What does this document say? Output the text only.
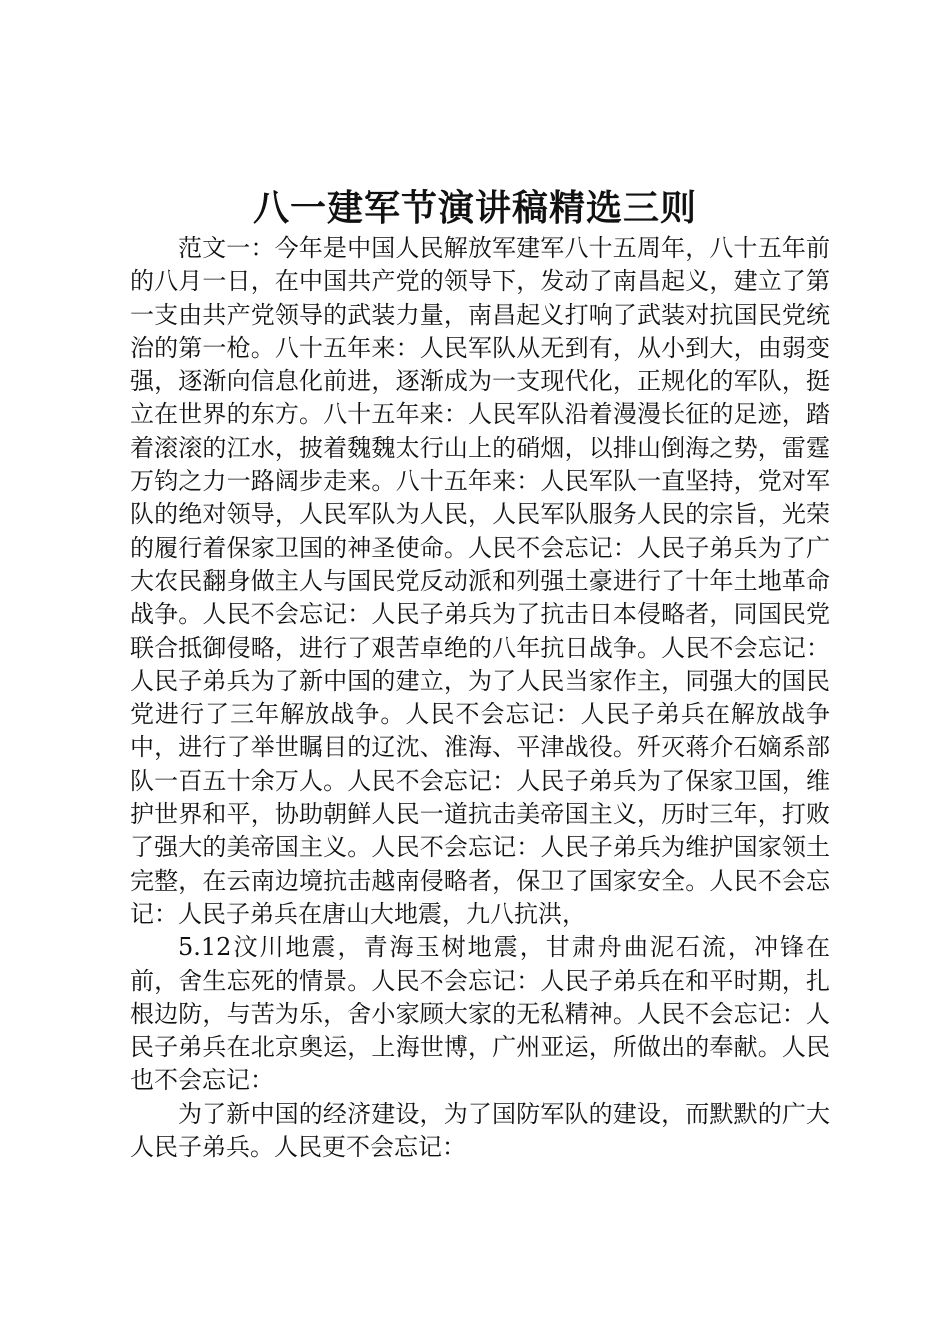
八一建军节演讲稿精选三则

范文一：今年是中国人民解放军建军八十五周年，八十五年前的八月一日，在中国共产党的领导下，发动了南昌起义，建立了第一支由共产党领导的武装力量，南昌起义打响了武装对抗国民党统治的第一枪。八十五年来：人民军队从无到有，从小到大，由弱变强，逐渐向信息化前进，逐渐成为一支现代化，正规化的军队，挺立在世界的东方。八十五年来：人民军队沿着漫漫长征的足迹，踏着滚滚的江水，披着魏魏太行山上的硝烟，以排山倒海之势，雷霆万钧之力一路阔步走来。八十五年来：人民军队一直坚持，党对军队的绝对领导，人民军队为人民，人民军队服务人民的宗旨，光荣的履行着保家卫国的神圣使命。人民不会忘记：人民子弟兵为了广大农民翻身做主人与国民党反动派和列强土豪进行了十年土地革命战争。人民不会忘记：人民子弟兵为了抗击日本侵略者，同国民党联合抵御侵略，进行了艰苦卓绝的八年抗日战争。人民不会忘记：人民子弟兵为了新中国的建立，为了人民当家作主，同强大的国民党进行了三年解放战争。人民不会忘记：人民子弟兵在解放战争中，进行了举世瞩目的辽沈、淮海、平津战役。歼灭蒋介石嫡系部队一百五十余万人。人民不会忘记：人民子弟兵为了保家卫国，维护世界和平，协助朝鲜人民一道抗击美帝国主义，历时三年，打败了强大的美帝国主义。人民不会忘记：人民子弟兵为维护国家领土完整，在云南边境抗击越南侵略者，保卫了国家安全。人民不会忘记：人民子弟兵在唐山大地震，九八抗洪，

5.12汶川地震，青海玉树地震，甘肃舟曲泥石流，冲锋在前，舍生忘死的情景。人民不会忘记：人民子弟兵在和平时期，扎根边防，与苦为乐，舍小家顾大家的无私精神。人民不会忘记：人民子弟兵在北京奥运，上海世博，广州亚运，所做出的奉献。人民也不会忘记：

为了新中国的经济建设，为了国防军队的建设，而默默的广大人民子弟兵。人民更不会忘记：
